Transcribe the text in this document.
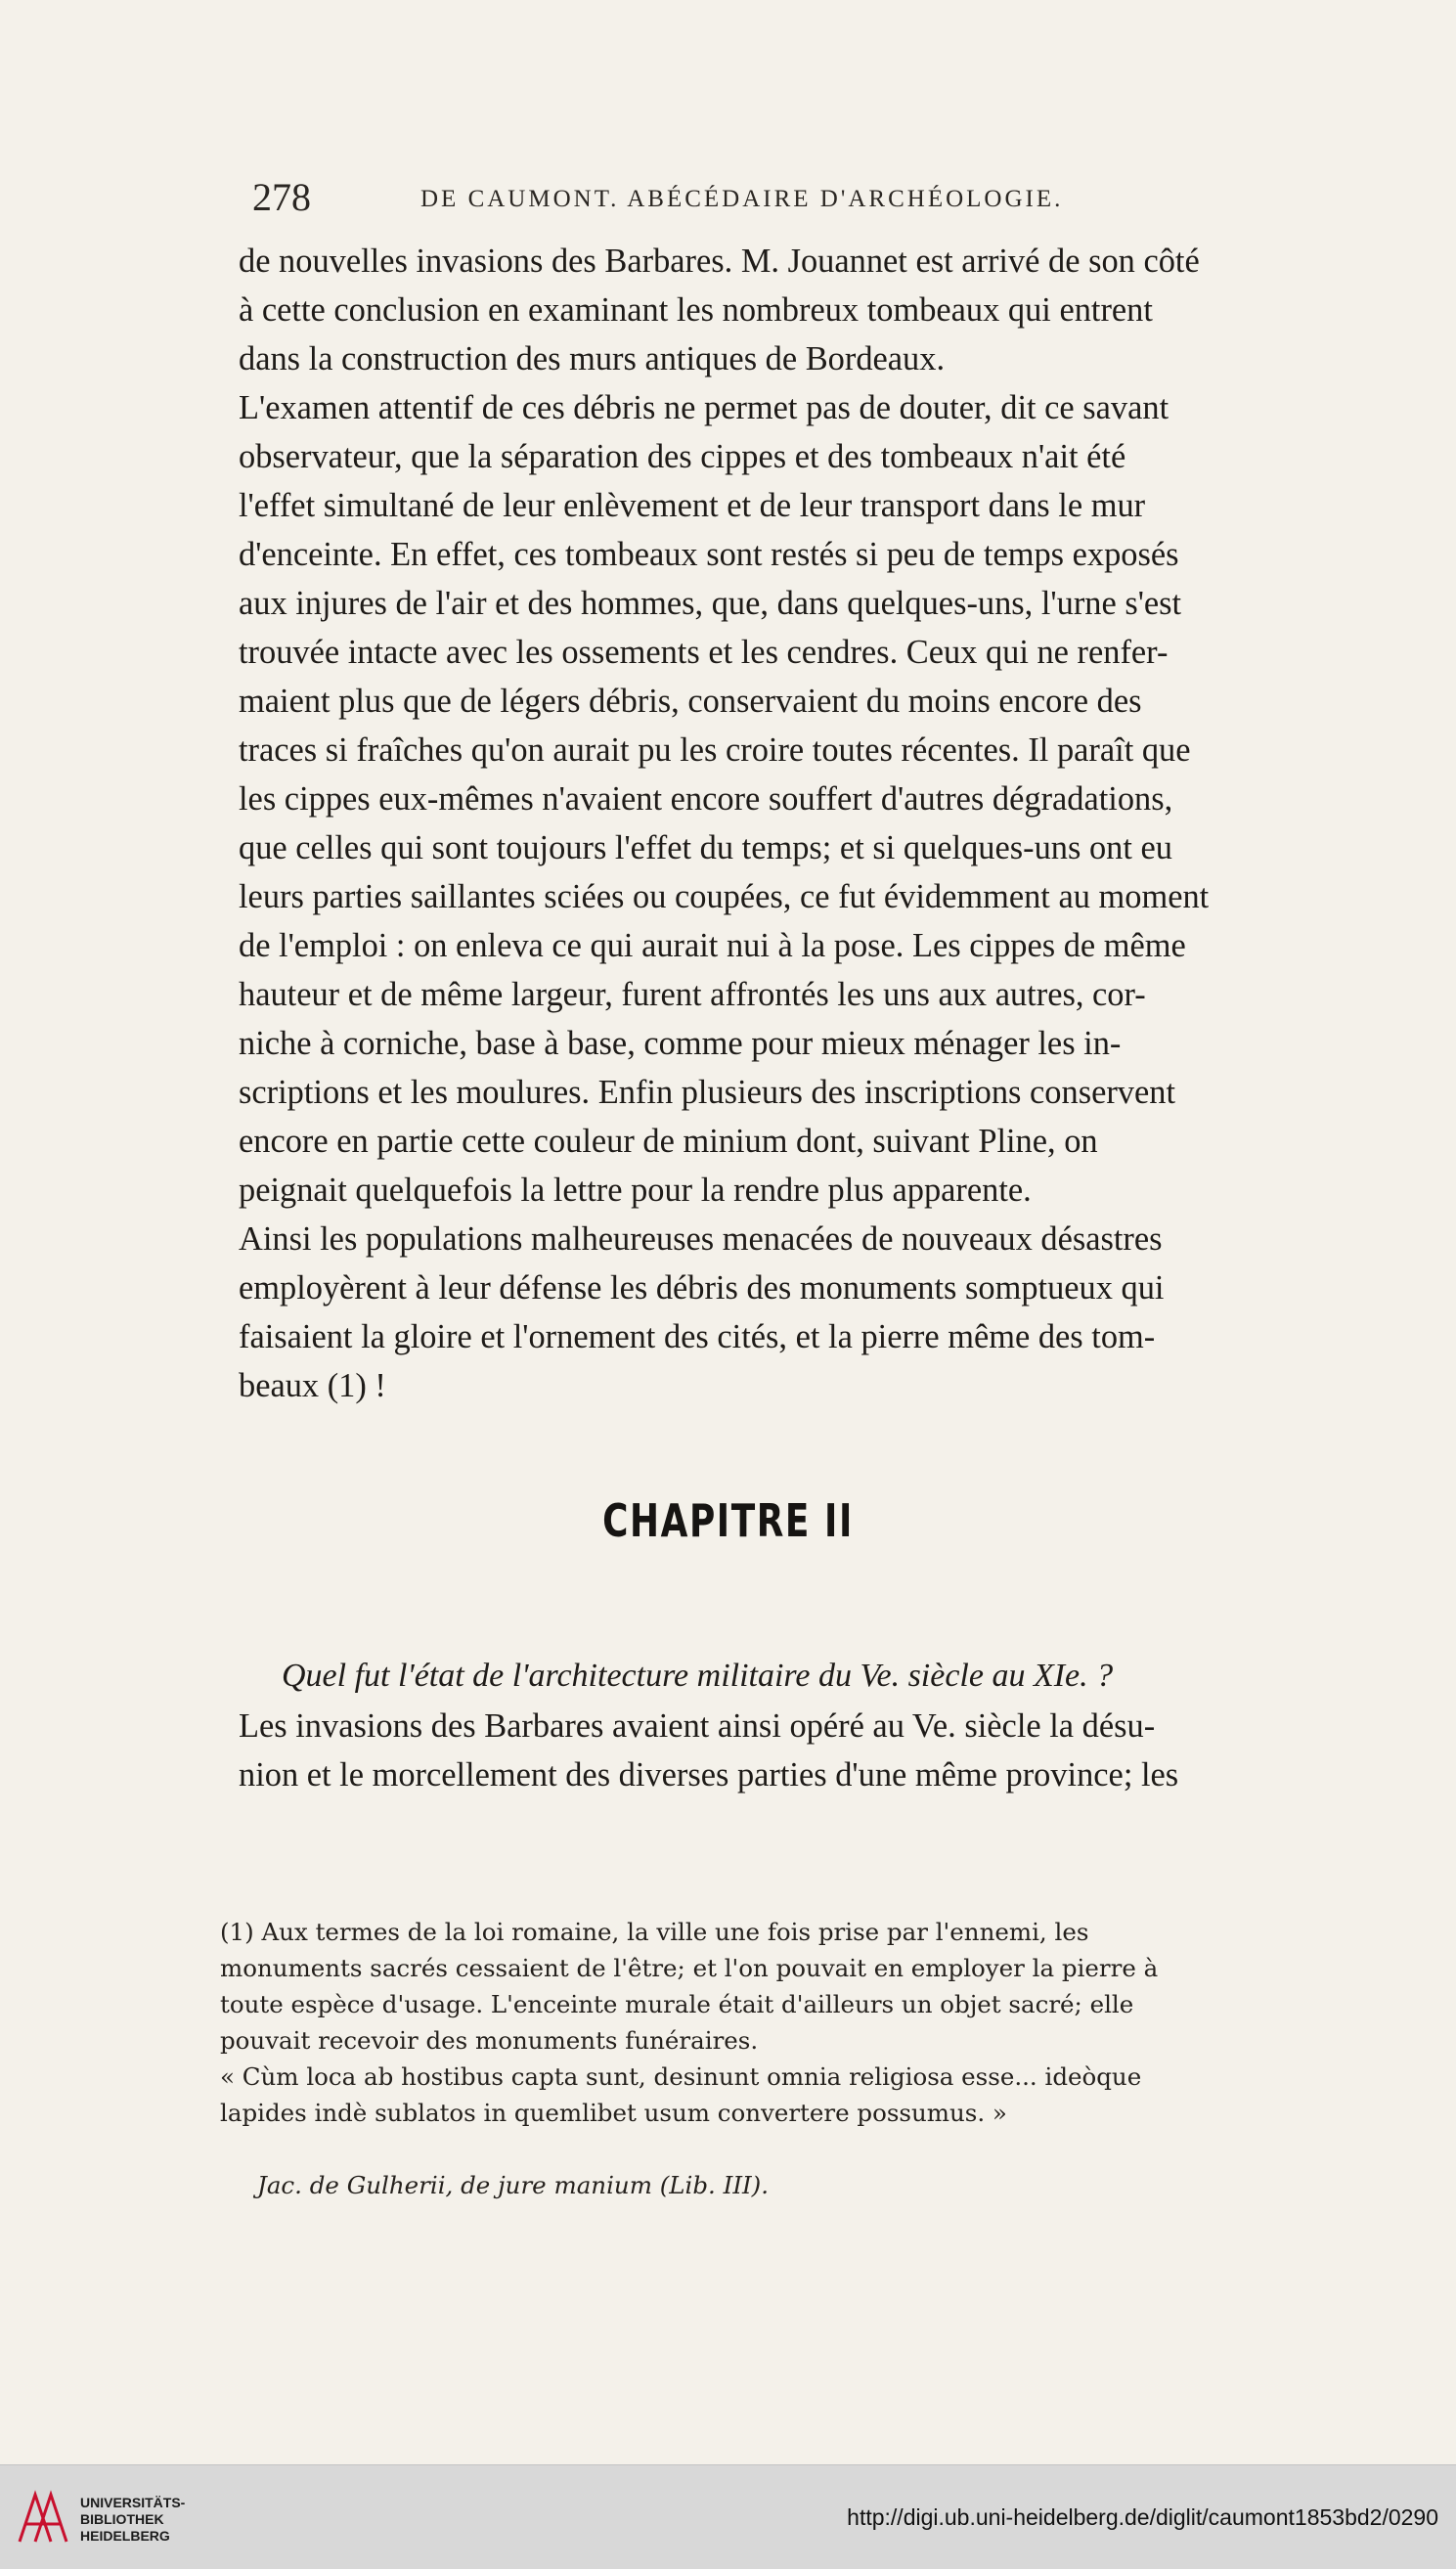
278	DE CAUMONT. ABÉCÉDAIRE D'ARCHÉOLOGIE.
de nouvelles invasions des Barbares. M. Jouannet est arrivé de son côté
à cette conclusion en examinant les nombreux tombeaux qui entrent
dans la construction des murs antiques de Bordeaux.
L'examen attentif de ces débris ne permet pas de douter, dit ce savant
observateur, que la séparation des cippes et des tombeaux n'ait été
l'effet simultané de leur enlèvement et de leur transport dans le mur
d'enceinte. En effet, ces tombeaux sont restés si peu de temps exposés
aux injures de l'air et des hommes, que, dans quelques-uns, l'urne s'est
trouvée intacte avec les ossements et les cendres. Ceux qui ne renfer-
maient plus que de légers débris, conservaient du moins encore des
traces si fraîches qu'on aurait pu les croire toutes récentes. Il paraît que
les cippes eux-mêmes n'avaient encore souffert d'autres dégradations,
que celles qui sont toujours l'effet du temps; et si quelques-uns ont eu
leurs parties saillantes sciées ou coupées, ce fut évidemment au moment
de l'emploi : on enleva ce qui aurait nui à la pose. Les cippes de même
hauteur et de même largeur, furent affrontés les uns aux autres, cor-
niche à corniche, base à base, comme pour mieux ménager les in-
scriptions et les moulures. Enfin plusieurs des inscriptions conservent
encore en partie cette couleur de minium dont, suivant Pline, on
peignait quelquefois la lettre pour la rendre plus apparente.
Ainsi les populations malheureuses menacées de nouveaux désastres
employèrent à leur défense les débris des monuments somptueux qui
faisaient la gloire et l'ornement des cités, et la pierre même des tom-
beaux (1) !
CHAPITRE II
Quel fut l'état de l'architecture militaire du Ve. siècle au XIe. ?
Les invasions des Barbares avaient ainsi opéré au Ve. siècle la désu-
nion et le morcellement des diverses parties d'une même province; les

(1) Aux termes de la loi romaine, la ville une fois prise par l'ennemi, les
monuments sacrés cessaient de l'être; et l'on pouvait en employer la pierre à
toute espèce d'usage. L'enceinte murale était d'ailleurs un objet sacré; elle
pouvait recevoir des monuments funéraires.
« Cùm loca ab hostibus capta sunt, desinunt omnia religiosa esse... ideòque
lapides indè sublatos in quemlibet usum convertere possumus. »

Jac. de Gulherii, de jure manium (Lib. III).

UNIVERSITÄTS-
BIBLIOTHEK
HEIDELBERG
http://digi.ub.uni-heidelberg.de/diglit/caumont1853bd2/0290
